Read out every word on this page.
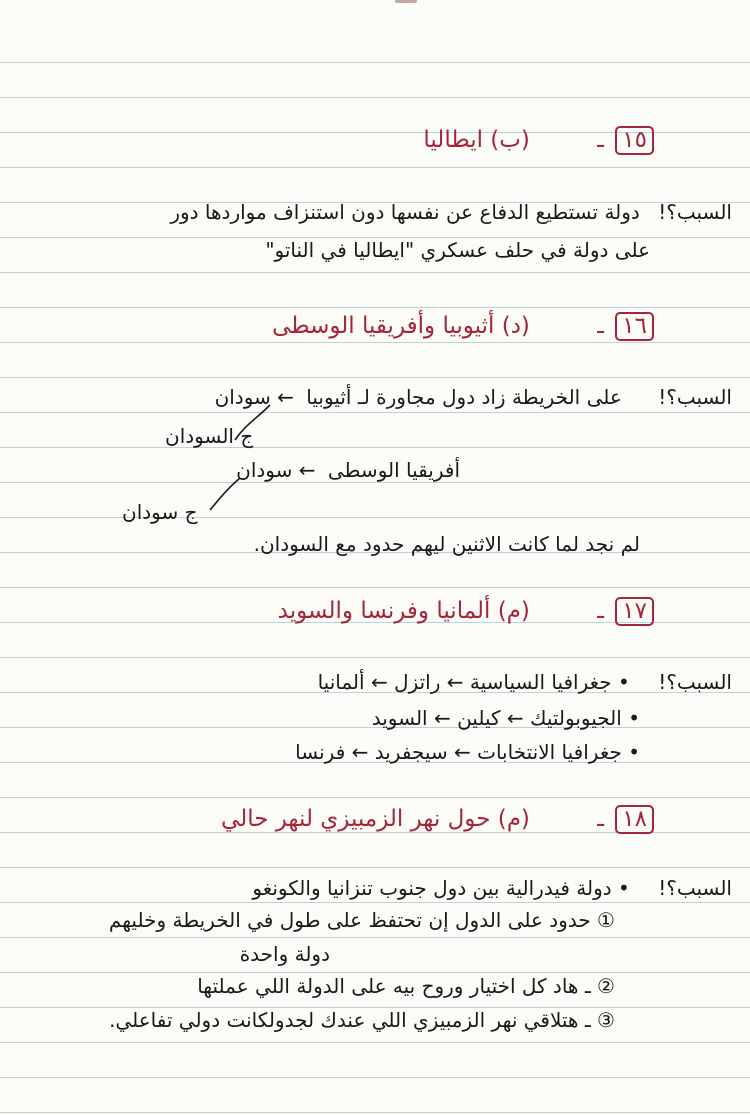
١٥ ـ (ب) ايطاليا
السبب؟! دولة تستطيع الدفاع عن نفسها دون استنزاف مواردها دور
على دولة في حلف عسكري "ايطاليا في الناتو"
١٦ ـ (د) أثيوبيا وأفريقيا الوسطى
السبب؟! على الخريطة زاد دول مجاورة لـ أثيوبيا ← سودان
ج السودان
أفريقيا الوسطى ← سودان
ج سودان
لم نجد لما كانت الاثنين ليهم حدود مع السودان.
١٧ ـ (م) ألمانيا وفرنسا والسويد
السبب؟! • جغرافيا السياسية ← راتزل ← ألمانيا
• الجيوبولتيك ← كيلين ← السويد
• جغرافيا الانتخابات ← سيجفريد ← فرنسا
١٨ ـ (م) حول نهر الزمبيزي لنهر حالي
السبب؟! • دولة فيدرالية بين دول جنوب تنزانيا والكونغو
① حدود على الدول إن تحتفظ على طول في الخريطة وخليهم
دولة واحدة
② ـ هاد كل اختيار وروح بيه على الدولة اللي عملتها
③ ـ هتلاقي نهر الزمبيزي اللي عندك لجدولكانت دولي تفاعلي.
